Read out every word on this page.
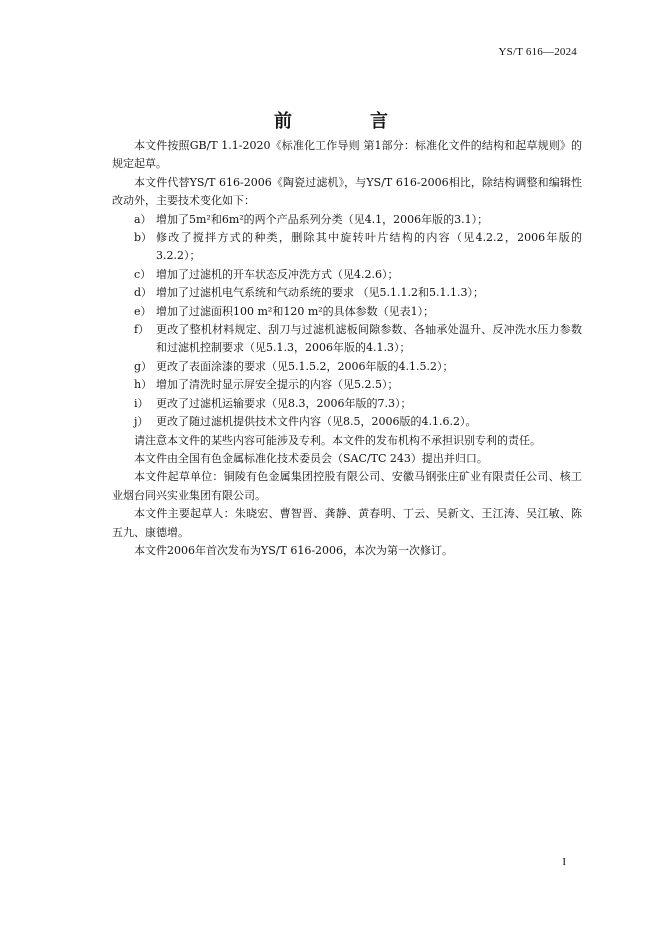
YS/T 616—2024
前　言

本文件按照GB/T 1.1-2020《标准化工作导则 第1部分：标准化文件的结构和起草规则》的规定起草。

本文件代替YS/T 616-2006《陶瓷过滤机》，与YS/T 616-2006相比，除结构调整和编辑性改动外，主要技术变化如下：

a） 增加了5m²和6m²的两个产品系列分类（见4.1，2006年版的3.1）；
b） 修改了搅拌方式的种类，删除其中旋转叶片结构的内容（见4.2.2，2006年版的3.2.2）；
c） 增加了过滤机的开车状态反冲洗方式（见4.2.6）；
d） 增加了过滤机电气系统和气动系统的要求 （见5.1.1.2和5.1.1.3）；
e） 增加了过滤面积100 m²和120 m²的具体参数（见表1）；
f） 更改了整机材料规定、刮刀与过滤机滤板间隙参数、各轴承处温升、反冲洗水压力参数和过滤机控制要求（见5.1.3，2006年版的4.1.3）；
g） 更改了表面涂漆的要求（见5.1.5.2，2006年版的4.1.5.2）；
h） 增加了清洗时显示屏安全提示的内容（见5.2.5）；
i） 更改了过滤机运输要求（见8.3，2006年版的7.3）；
j） 更改了随过滤机提供技术文件内容（见8.5，2006版的4.1.6.2）。

请注意本文件的某些内容可能涉及专利。本文件的发布机构不承担识别专利的责任。

本文件由全国有色金属标准化技术委员会（SAC/TC 243）提出并归口。

本文件起草单位：铜陵有色金属集团控股有限公司、安徽马钢张庄矿业有限责任公司、核工业烟台同兴实业集团有限公司。

本文件主要起草人：朱晓宏、曹智晋、龚静、黄春明、丁云、吴新文、王江涛、吴江敏、陈五九、康德增。

本文件2006年首次发布为YS/T 616-2006，本次为第一次修订。

I
